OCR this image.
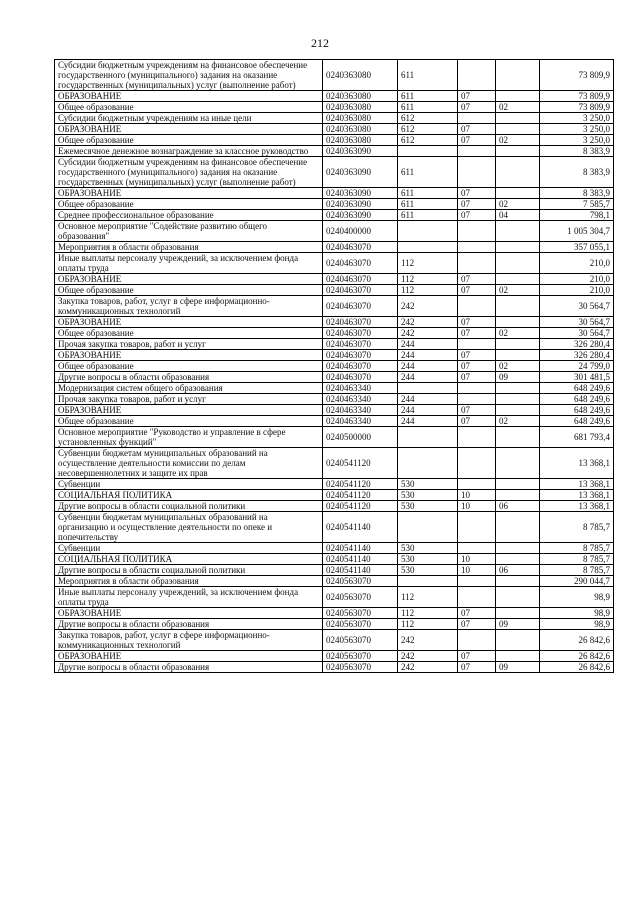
212
Субсидии бюджетным учреждениям на финансовое обеспечение государственного (муниципального) задания на оказание государственных (муниципальных) услуг (выполнение работ)	0240363080	611			73 809,9
ОБРАЗОВАНИЕ	0240363080	611	07		73 809,9
Общее образование	0240363080	611	07	02	73 809,9
Субсидии бюджетным учреждениям на иные цели	0240363080	612			3 250,0
ОБРАЗОВАНИЕ	0240363080	612	07		3 250,0
Общее образование	0240363080	612	07	02	3 250,0
Ежемесячное денежное вознаграждение за классное руководство	0240363090				8 383,9
Субсидии бюджетным учреждениям на финансовое обеспечение государственного (муниципального) задания на оказание государственных (муниципальных) услуг (выполнение работ)	0240363090	611			8 383,9
ОБРАЗОВАНИЕ	0240363090	611	07		8 383,9
Общее образование	0240363090	611	07	02	7 585,7
Среднее профессиональное образование	0240363090	611	07	04	798,1
Основное мероприятие "Содействие развитию общего образования"	0240400000				1 005 304,7
Мероприятия в области образования	0240463070				357 055,1
Иные выплаты персоналу учреждений, за исключением фонда оплаты труда	0240463070	112			210,0
ОБРАЗОВАНИЕ	0240463070	112	07		210,0
Общее образование	0240463070	112	07	02	210,0
Закупка товаров, работ, услуг в сфере информационно-коммуникационных технологий	0240463070	242			30 564,7
ОБРАЗОВАНИЕ	0240463070	242	07		30 564,7
Общее образование	0240463070	242	07	02	30 564,7
Прочая закупка товаров, работ и услуг	0240463070	244			326 280,4
ОБРАЗОВАНИЕ	0240463070	244	07		326 280,4
Общее образование	0240463070	244	07	02	24 799,0
Другие вопросы в области образования	0240463070	244	07	09	301 481,5
Модернизация систем общего образования	0240463340				648 249,6
Прочая закупка товаров, работ и услуг	0240463340	244			648 249,6
ОБРАЗОВАНИЕ	0240463340	244	07		648 249,6
Общее образование	0240463340	244	07	02	648 249,6
Основное мероприятие "Руководство и управление в сфере установленных функций"	0240500000				681 793,4
Субвенции бюджетам муниципальных образований на осуществление деятельности комиссии по делам несовершеннолетних и защите их прав	0240541120				13 368,1
Субвенции	0240541120	530			13 368,1
СОЦИАЛЬНАЯ ПОЛИТИКА	0240541120	530	10		13 368,1
Другие вопросы в области социальной политики	0240541120	530	10	06	13 368,1
Субвенции бюджетам муниципальных образований на организацию и осуществление деятельности по опеке и попечительству	0240541140				8 785,7
Субвенции	0240541140	530			8 785,7
СОЦИАЛЬНАЯ ПОЛИТИКА	0240541140	530	10		8 785,7
Другие вопросы в области социальной политики	0240541140	530	10	06	8 785,7
Мероприятия в области образования	0240563070				290 044,7
Иные выплаты персоналу учреждений, за исключением фонда оплаты труда	0240563070	112			98,9
ОБРАЗОВАНИЕ	0240563070	112	07		98,9
Другие вопросы в области образования	0240563070	112	07	09	98,9
Закупка товаров, работ, услуг в сфере информационно-коммуникационных технологий	0240563070	242			26 842,6
ОБРАЗОВАНИЕ	0240563070	242	07		26 842,6
Другие вопросы в области образования	0240563070	242	07	09	26 842,6
